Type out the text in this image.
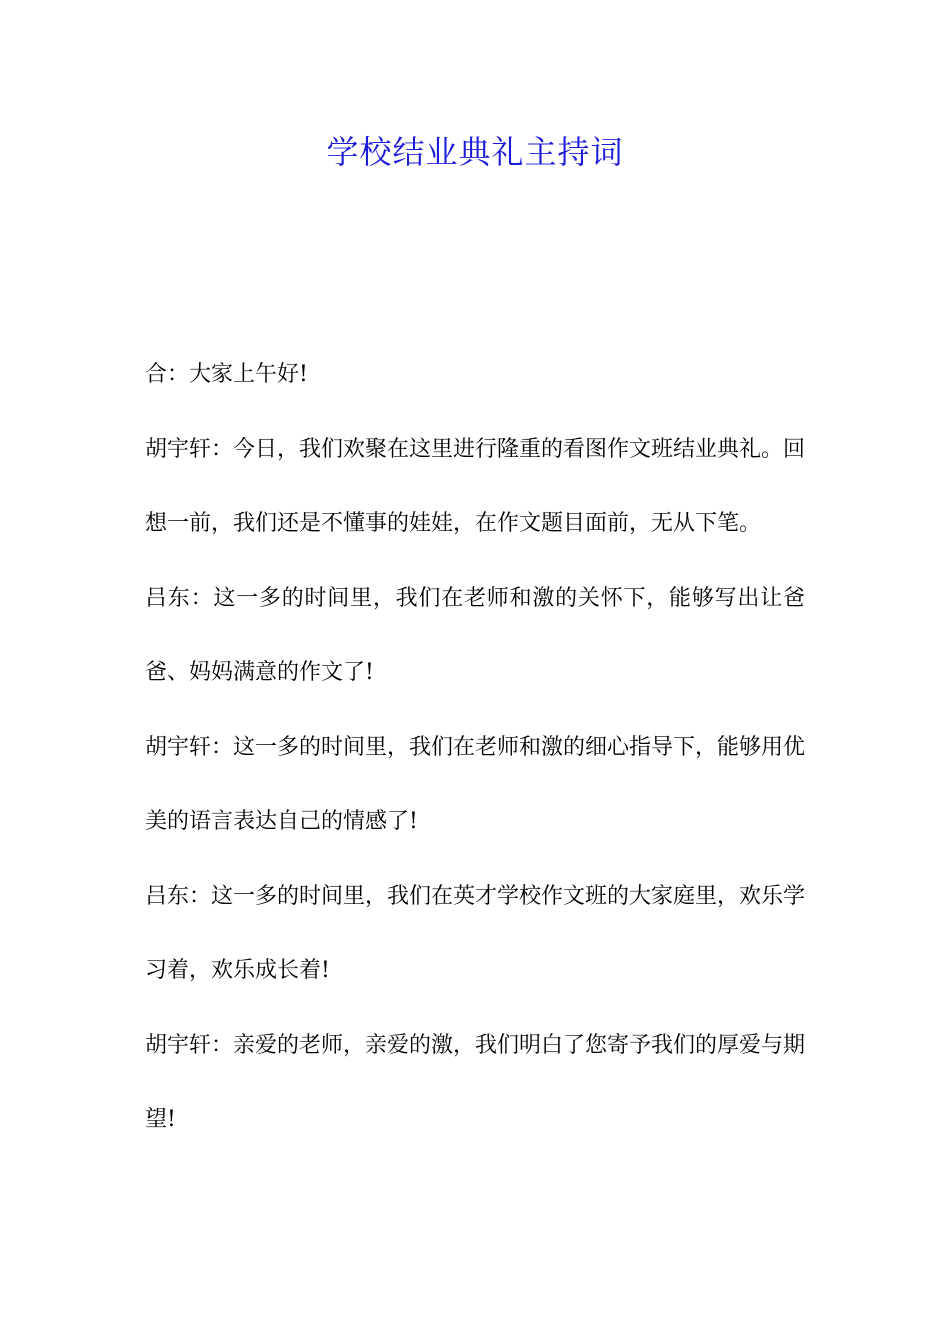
学校结业典礼主持词

合：大家上午好!

胡宇轩：今日，我们欢聚在这里进行隆重的看图作文班结业典礼。回想一前，我们还是不懂事的娃娃，在作文题目面前，无从下笔。

吕东：这一多的时间里，我们在老师和激的关怀下，能够写出让爸爸、妈妈满意的作文了!

胡宇轩：这一多的时间里，我们在老师和激的细心指导下，能够用优美的语言表达自己的情感了!

吕东：这一多的时间里，我们在英才学校作文班的大家庭里，欢乐学习着，欢乐成长着!

胡宇轩：亲爱的老师，亲爱的激，我们明白了您寄予我们的厚爱与期望!
